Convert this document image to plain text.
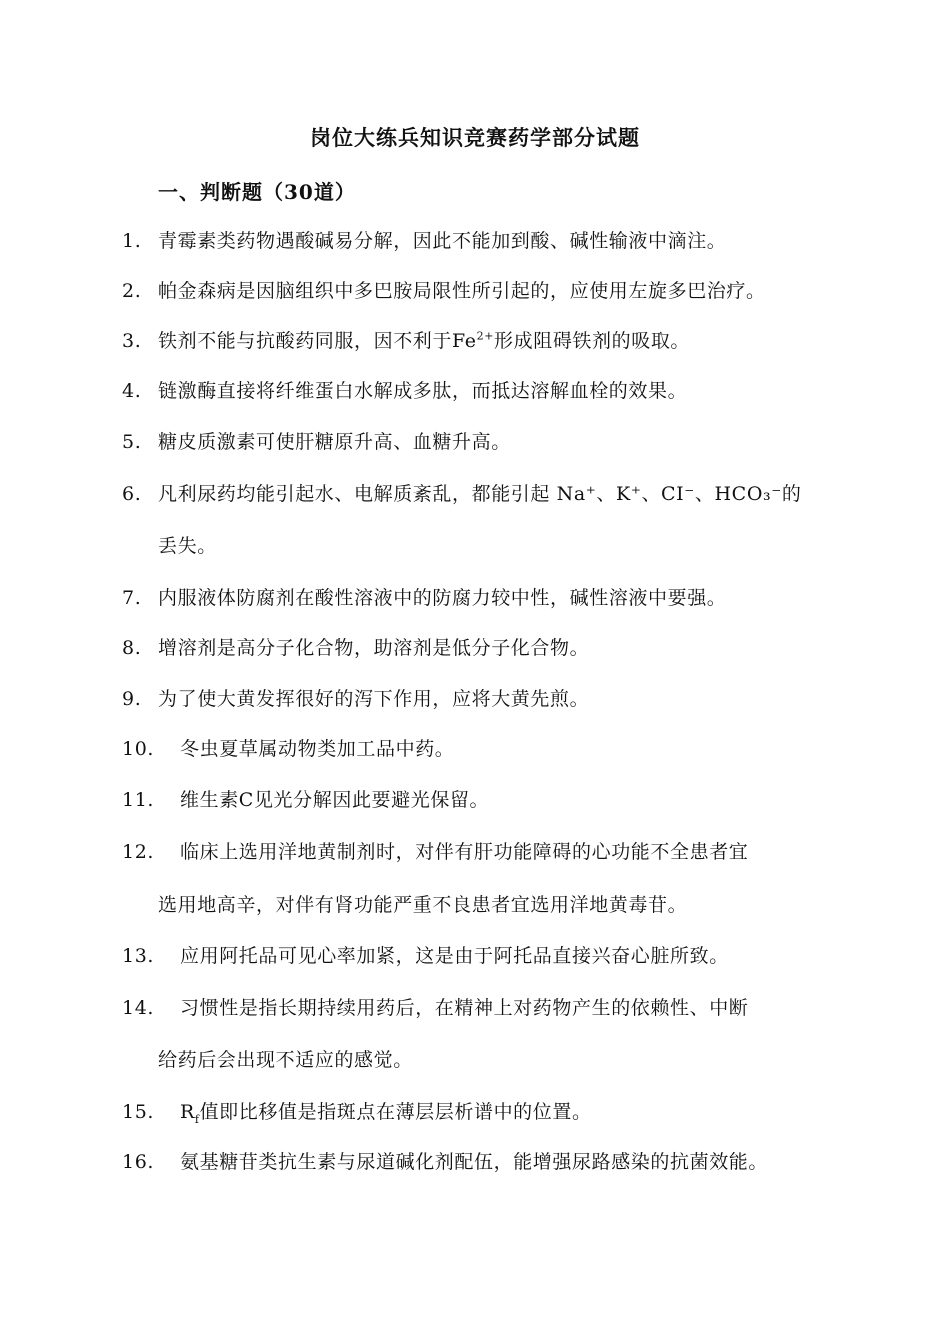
岗位大练兵知识竞赛药学部分试题
一、判断题（30道）
1. 青霉素类药物遇酸碱易分解，因此不能加到酸、碱性输液中滴注。
2. 帕金森病是因脑组织中多巴胺局限性所引起的，应使用左旋多巴治疗。
3. 铁剂不能与抗酸药同服，因不利于$Fe^{2+}$形成阻碍铁剂的吸取。
4. 链激酶直接将纤维蛋白水解成多肽，而抵达溶解血栓的效果。
5. 糖皮质激素可使肝糖原升高、血糖升高。
6. 凡利尿药均能引起水、电解质紊乱，都能引起 Na⁺、K⁺、CI⁻、HCO₃⁻的
丢失。
7. 内服液体防腐剂在酸性溶液中的防腐力较中性，碱性溶液中要强。
8. 增溶剂是高分子化合物，助溶剂是低分子化合物。
9. 为了使大黄发挥很好的泻下作用，应将大黄先煎。
10. 冬虫夏草属动物类加工品中药。
11. 维生素C见光分解因此要避光保留。
12. 临床上选用洋地黄制剂时，对伴有肝功能障碍的心功能不全患者宜
选用地高辛，对伴有肾功能严重不良患者宜选用洋地黄毒苷。
13. 应用阿托品可见心率加紧，这是由于阿托品直接兴奋心脏所致。
14. 习惯性是指长期持续用药后，在精神上对药物产生的依赖性、中断
给药后会出现不适应的感觉。
15. $R_f$值即比移值是指斑点在薄层层析谱中的位置。
16. 氨基糖苷类抗生素与尿道碱化剂配伍，能增强尿路感染的抗菌效能。
